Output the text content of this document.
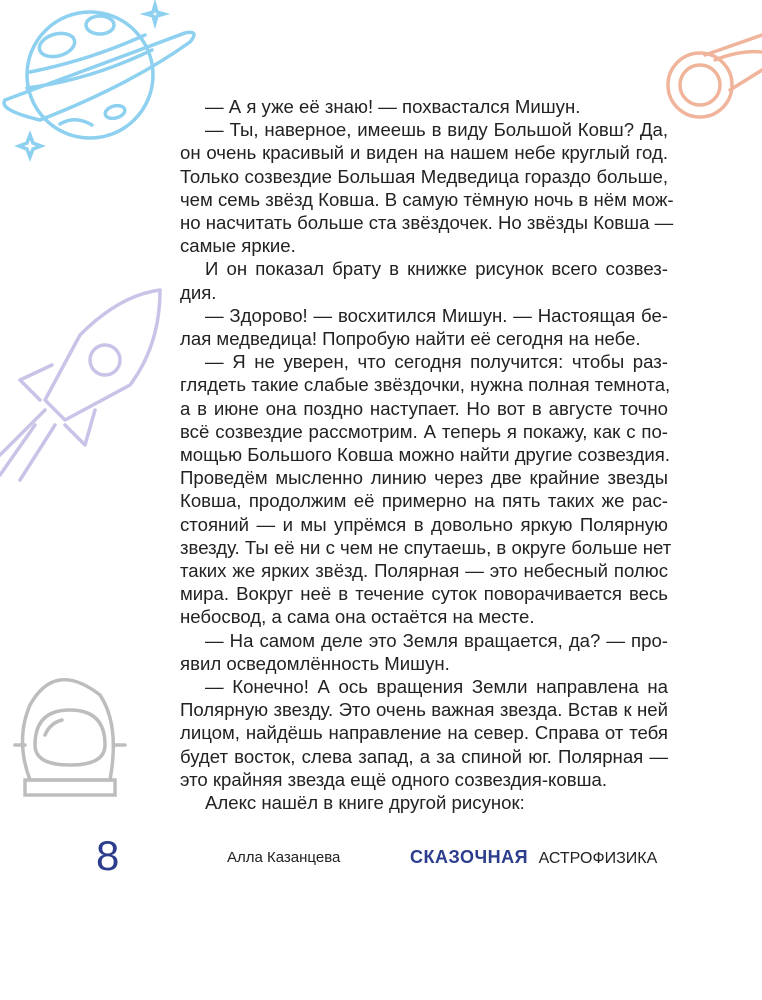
— А я уже её знаю! — похвастался Мишун.
— Ты, наверное, имеешь в виду Большой Ковш? Да,
он очень красивый и виден на нашем небе круглый год.
Только созвездие Большая Медведица гораздо больше,
чем семь звёзд Ковша. В самую тёмную ночь в нём мож-
но насчитать больше ста звёздочек. Но звёзды Ковша —
самые яркие.
И он показал брату в книжке рисунок всего созвез-
дия.
— Здорово! — восхитился Мишун. — Настоящая бе-
лая медведица! Попробую найти её сегодня на небе.
— Я не уверен, что сегодня получится: чтобы раз-
глядеть такие слабые звёздочки, нужна полная темнота,
а в июне она поздно наступает. Но вот в августе точно
всё созвездие рассмотрим. А теперь я покажу, как с по-
мощью Большого Ковша можно найти другие созвездия.
Проведём мысленно линию через две крайние звезды
Ковша, продолжим её примерно на пять таких же рас-
стояний — и мы упрёмся в довольно яркую Полярную
звезду. Ты её ни с чем не спутаешь, в округе больше нет
таких же ярких звёзд. Полярная — это небесный полюс
мира. Вокруг неё в течение суток поворачивается весь
небосвод, а сама она остаётся на месте.
— На самом деле это Земля вращается, да? — про-
явил осведомлённость Мишун.
— Конечно! А ось вращения Земли направлена на
Полярную звезду. Это очень важная звезда. Встав к ней
лицом, найдёшь направление на север. Справа от тебя
будет восток, слева запад, а за спиной юг. Полярная —
это крайняя звезда ещё одного созвездия-ковша.
Алекс нашёл в книге другой рисунок:
8	Алла Казанцева	СКАЗОЧНАЯ АСТРОФИЗИКА
